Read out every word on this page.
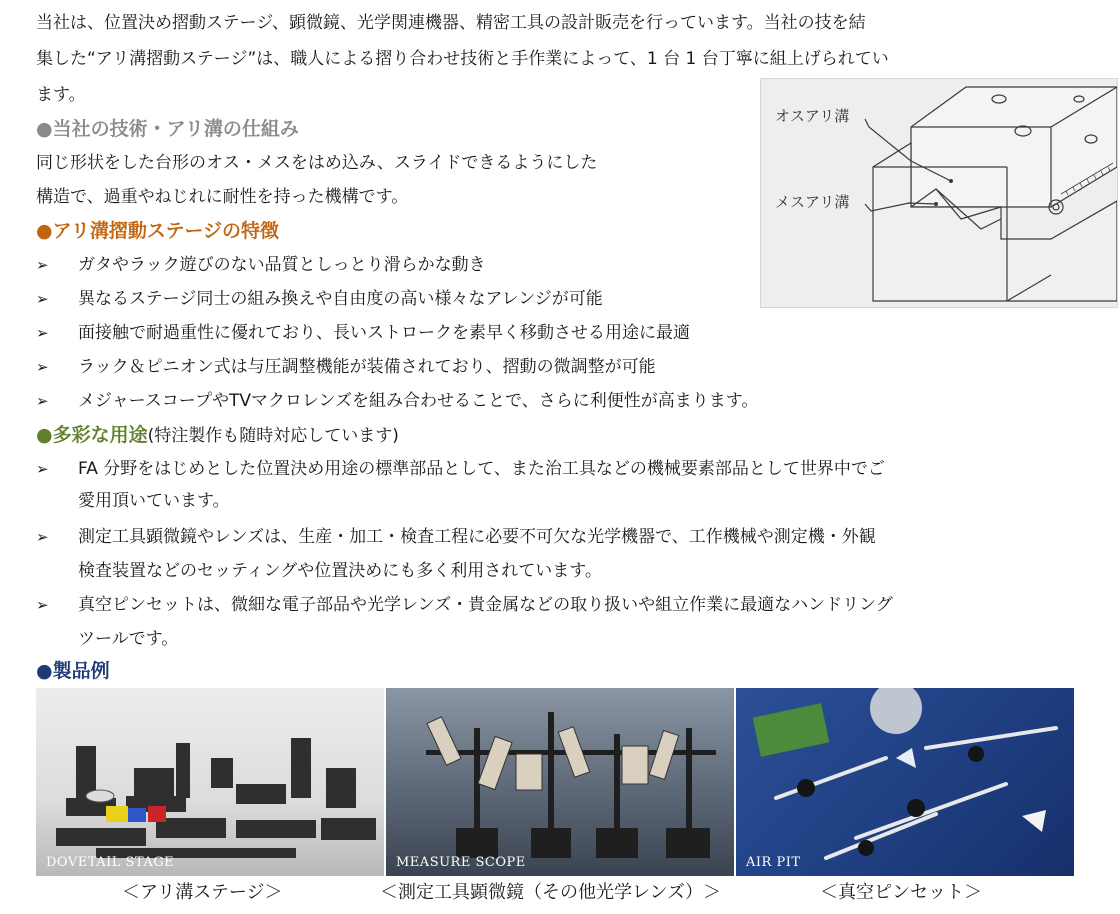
当社は、位置決め摺動ステージ、顕微鏡、光学関連機器、精密工具の設計販売を行っています。当社の技を結
集した“アリ溝摺動ステージ”は、職人による摺り合わせ技術と手作業によって、1 台 1 台丁寧に組上げられてい
ます。
●当社の技術・アリ溝の仕組み
同じ形状をした台形のオス・メスをはめ込み、スライドできるようにした
構造で、過重やねじれに耐性を持った機構です。
オスアリ溝
メスアリ溝
●アリ溝摺動ステージの特徴
➢ ガタやラック遊びのない品質としっとり滑らかな動き
➢ 異なるステージ同士の組み換えや自由度の高い様々なアレンジが可能
➢ 面接触で耐過重性に優れており、長いストロークを素早く移動させる用途に最適
➢ ラック＆ピニオン式は与圧調整機能が装備されており、摺動の微調整が可能
➢ メジャースコープやTVマクロレンズを組み合わせることで、さらに利便性が高まります。
●多彩な用途(特注製作も随時対応しています)
➢ FA 分野をはじめとした位置決め用途の標準部品として、また治工具などの機械要素部品として世界中でご
愛用頂いています。
➢ 測定工具顕微鏡やレンズは、生産・加工・検査工程に必要不可欠な光学機器で、工作機械や測定機・外観
検査装置などのセッティングや位置決めにも多く利用されています。
➢ 真空ピンセットは、微細な電子部品や光学レンズ・貴金属などの取り扱いや組立作業に最適なハンドリング
ツールです。
●製品例
DOVETAIL STAGE	MEASURE SCOPE	AIR PIT
＜アリ溝ステージ＞	＜測定工具顕微鏡（その他光学レンズ）＞	＜真空ピンセット＞
